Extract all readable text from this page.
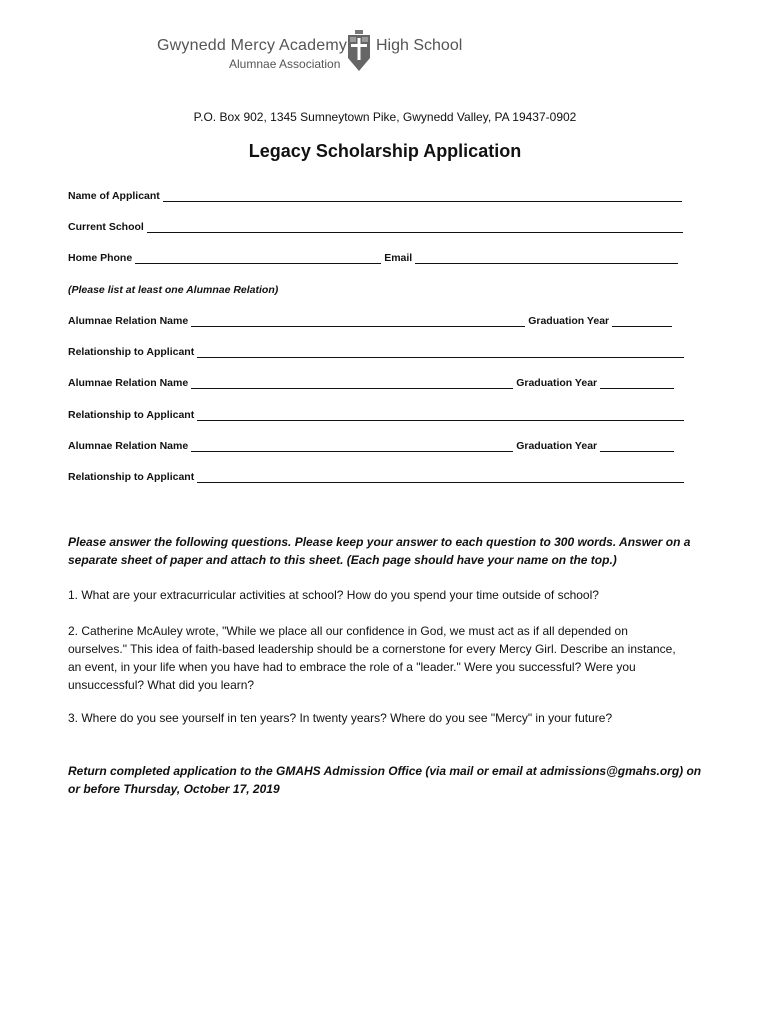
Gwynedd Mercy Academy High School
Alumnae Association
P.O. Box 902, 1345 Sumneytown Pike, Gwynedd Valley, PA 19437-0902
Legacy Scholarship Application
Name of Applicant
Current School
Home Phone	Email
(Please list at least one Alumnae Relation)
Alumnae Relation Name	Graduation Year
Relationship to Applicant
Alumnae Relation Name	Graduation Year
Relationship to Applicant
Alumnae Relation Name	Graduation Year
Relationship to Applicant
Please answer the following questions. Please keep your answer to each question to 300 words. Answer on a separate sheet of paper and attach to this sheet. (Each page should have your name on the top.)
1. What are your extracurricular activities at school? How do you spend your time outside of school?
2. Catherine McAuley wrote, "While we place all our confidence in God, we must act as if all depended on ourselves." This idea of faith-based leadership should be a cornerstone for every Mercy Girl. Describe an instance, an event, in your life when you have had to embrace the role of a "leader." Were you successful? Were you unsuccessful? What did you learn?
3. Where do you see yourself in ten years? In twenty years? Where do you see "Mercy" in your future?
Return completed application to the GMAHS Admission Office (via mail or email at admissions@gmahs.org) on or before Thursday, October 17, 2019
